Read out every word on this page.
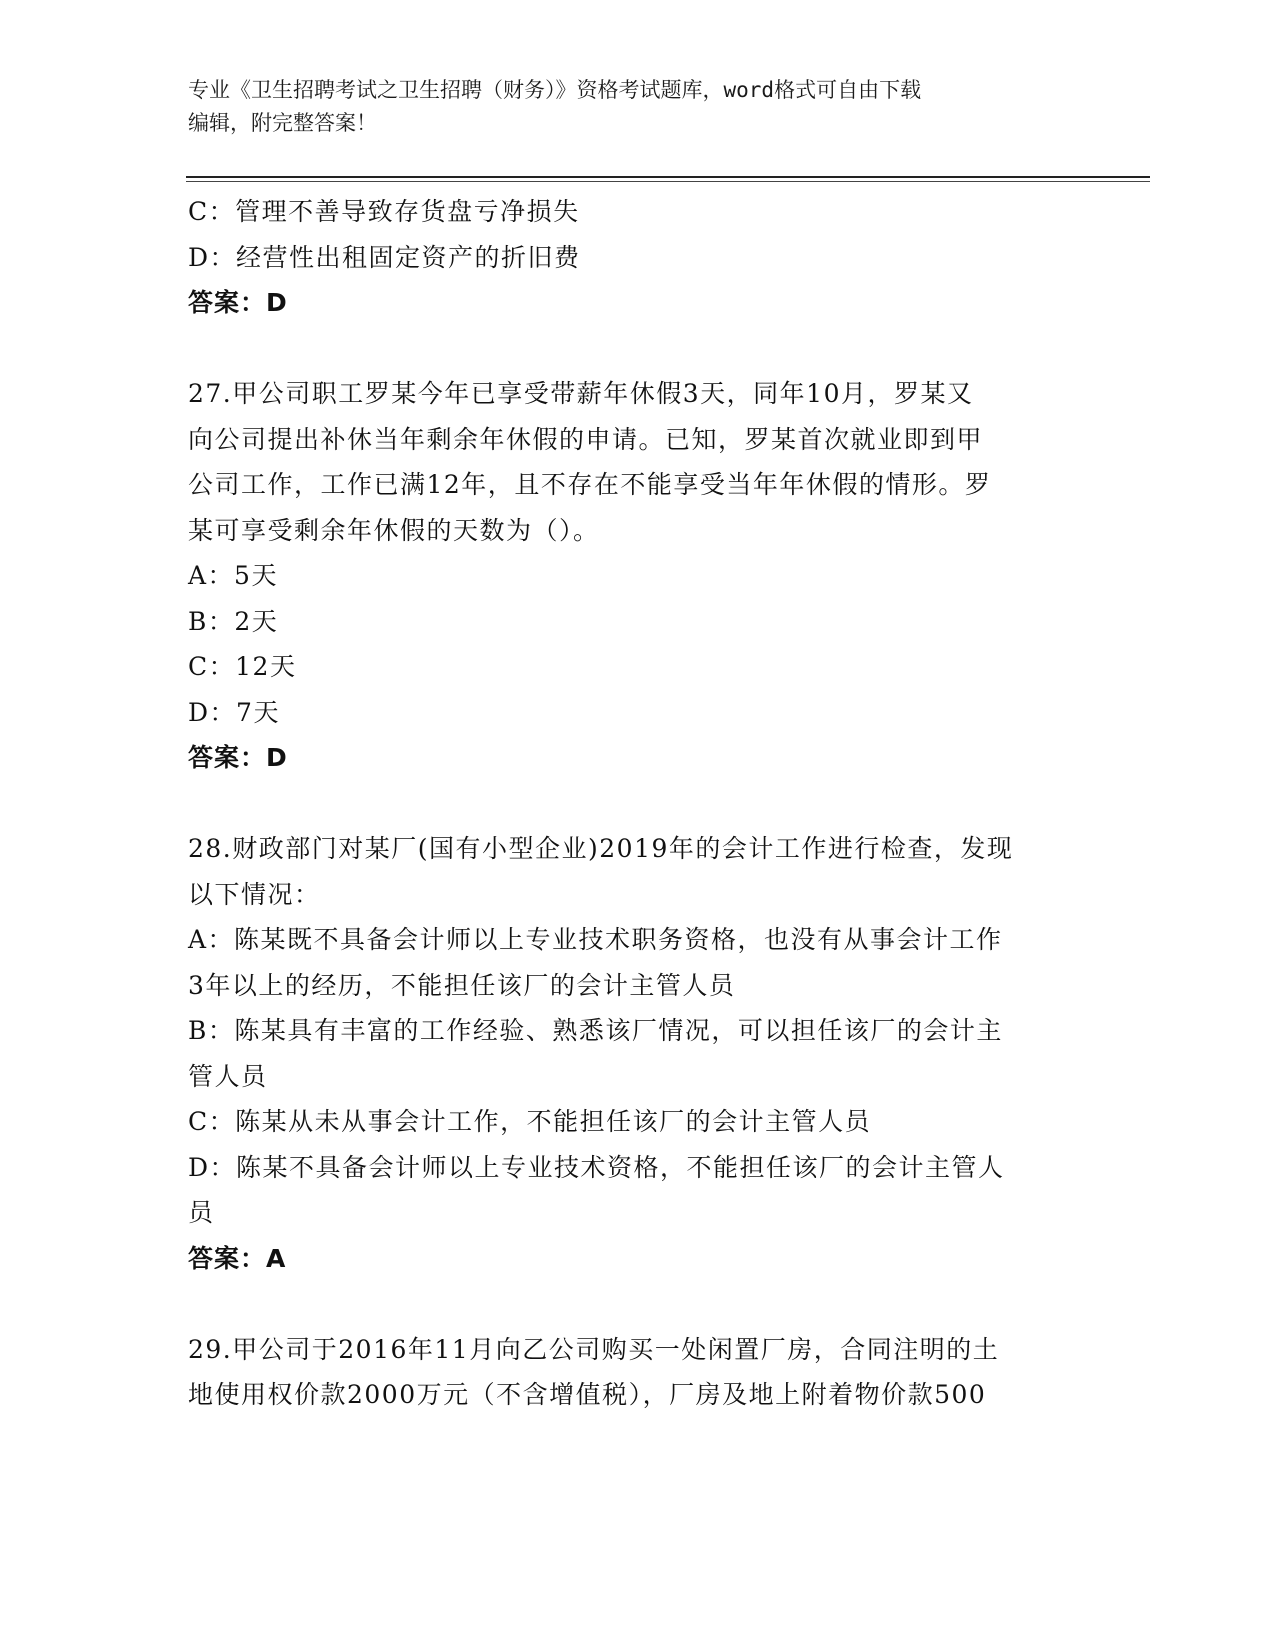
专业《卫生招聘考试之卫生招聘（财务）》资格考试题库，word格式可自由下载
编辑，附完整答案！
C：管理不善导致存货盘亏净损失
D：经营性出租固定资产的折旧费
答案：D
27.甲公司职工罗某今年已享受带薪年休假3天，同年10月，罗某又
向公司提出补休当年剩余年休假的申请。已知，罗某首次就业即到甲
公司工作，工作已满12年，且不存在不能享受当年年休假的情形。罗
某可享受剩余年休假的天数为（）。
A：5天
B：2天
C：12天
D：7天
答案：D
28.财政部门对某厂(国有小型企业)2019年的会计工作进行检查，发现
以下情况：
A：陈某既不具备会计师以上专业技术职务资格，也没有从事会计工作
3年以上的经历，不能担任该厂的会计主管人员
B：陈某具有丰富的工作经验、熟悉该厂情况，可以担任该厂的会计主
管人员
C：陈某从未从事会计工作，不能担任该厂的会计主管人员
D：陈某不具备会计师以上专业技术资格，不能担任该厂的会计主管人
员
答案：A
29.甲公司于2016年11月向乙公司购买一处闲置厂房，合同注明的土
地使用权价款2000万元（不含增值税），厂房及地上附着物价款500
